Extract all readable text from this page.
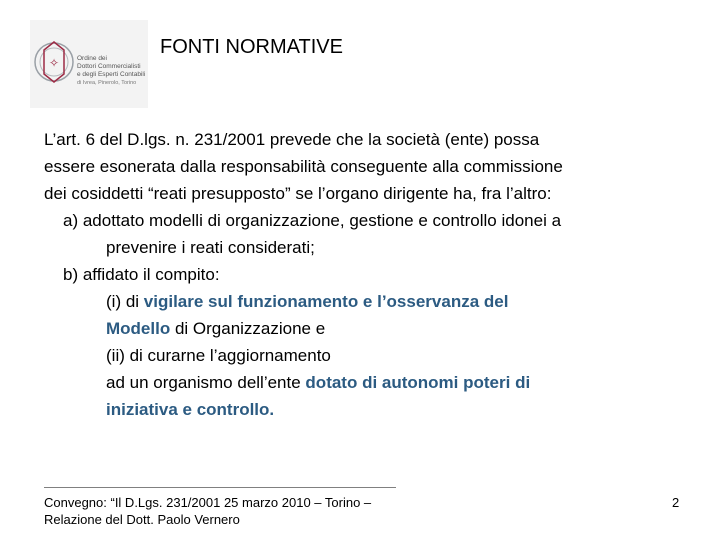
✧	Ordine dei
Dottori Commercialisti
e degli Esperti Contabili
di Ivrea, Pinerolo, Torino
FONTI NORMATIVE
L’art. 6 del D.lgs. n. 231/2001 prevede che la società (ente) possa
essere esonerata dalla responsabilità conseguente alla commissione
dei cosiddetti “reati presupposto” se l’organo dirigente ha, fra l’altro:
a) adottato modelli di organizzazione, gestione e controllo idonei a
prevenire i reati considerati;
b) affidato il compito:
(i) di vigilare sul funzionamento e l’osservanza del
Modello di Organizzazione e
(ii) di curarne l’aggiornamento
ad un organismo dell’ente dotato di autonomi poteri di
iniziativa e controllo.
Convegno: “Il D.Lgs. 231/2001 25 marzo 2010 – Torino –
Relazione del Dott. Paolo Vernero
2
